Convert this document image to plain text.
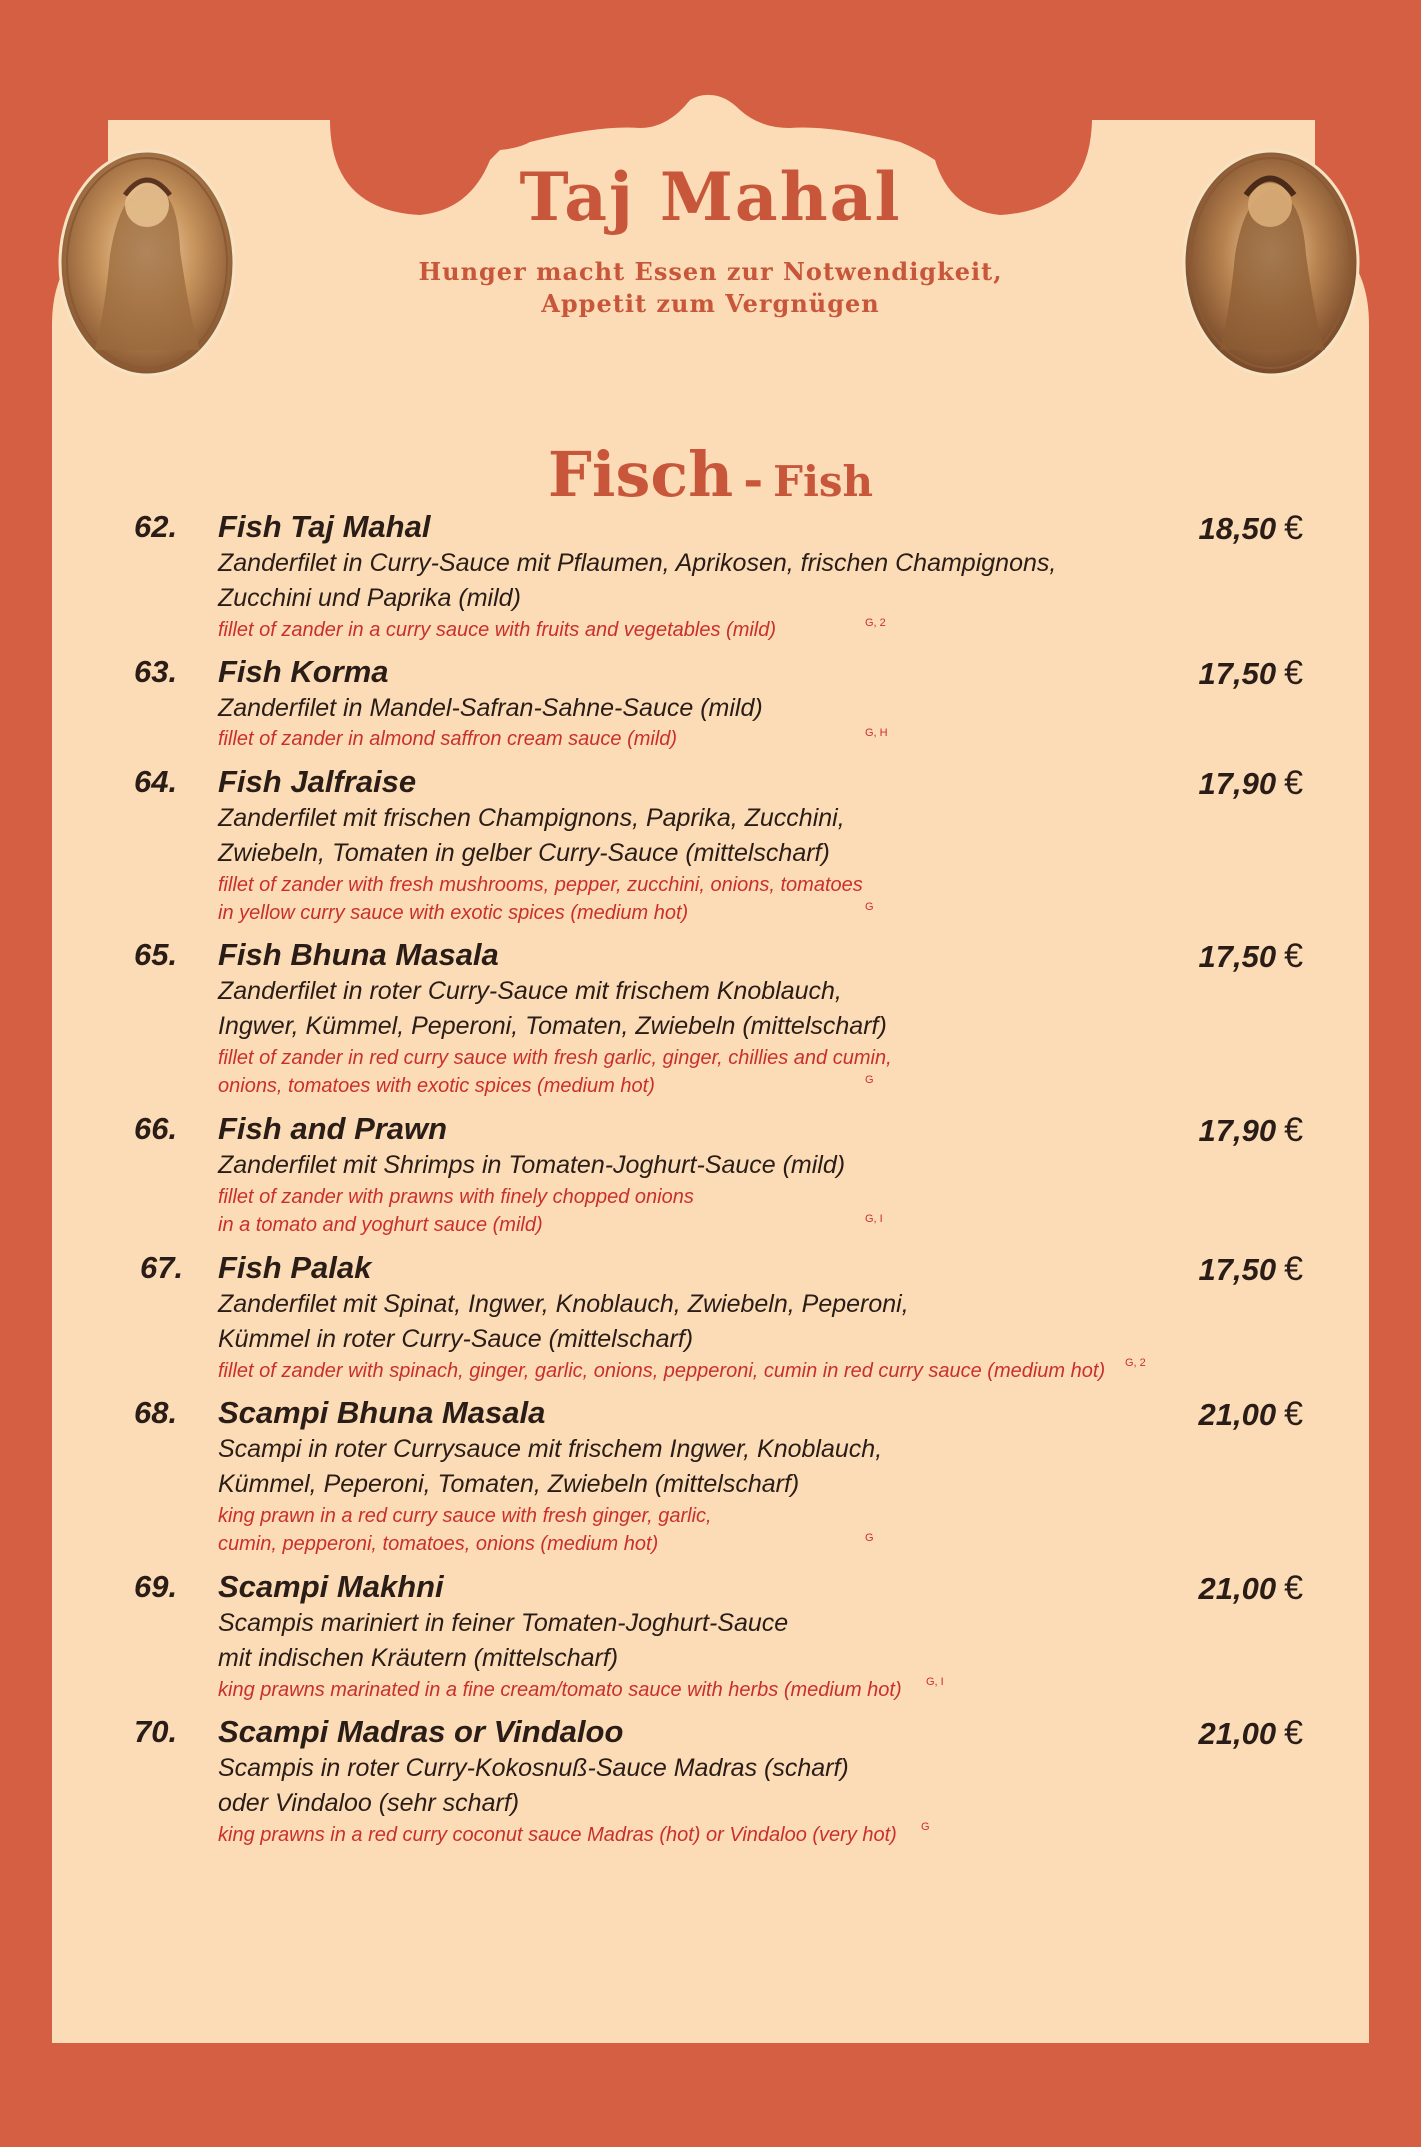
Taj Mahal
Hunger macht Essen zur Notwendigkeit,
Appetit zum Vergnügen
Fisch - Fish
62.	Fish Taj Mahal	18,50 €
Zanderfilet in Curry-Sauce mit Pflaumen, Aprikosen, frischen Champignons,
Zucchini und Paprika (mild)
fillet of zander in a curry sauce with fruits and vegetables (mild)	G, 2
63.	Fish Korma	17,50 €
Zanderfilet in Mandel-Safran-Sahne-Sauce (mild)
fillet of zander in almond saffron cream sauce (mild)	G, H
64.	Fish Jalfraise	17,90 €
Zanderfilet mit frischen Champignons, Paprika, Zucchini,
Zwiebeln, Tomaten in gelber Curry-Sauce (mittelscharf)
fillet of zander with fresh mushrooms, pepper, zucchini, onions, tomatoes
in yellow curry sauce with exotic spices (medium hot)	G
65.	Fish Bhuna Masala	17,50 €
Zanderfilet in roter Curry-Sauce mit frischem Knoblauch,
Ingwer, Kümmel, Peperoni, Tomaten, Zwiebeln (mittelscharf)
fillet of zander in red curry sauce with fresh garlic, ginger, chillies and cumin,
onions, tomatoes with exotic spices (medium hot)	G
66.	Fish and Prawn	17,90 €
Zanderfilet mit Shrimps in Tomaten-Joghurt-Sauce (mild)
fillet of zander with prawns with finely chopped onions
in a tomato and yoghurt sauce (mild)	G, I
67.	Fish Palak	17,50 €
Zanderfilet mit Spinat, Ingwer, Knoblauch, Zwiebeln, Peperoni,
Kümmel in roter Curry-Sauce (mittelscharf)
fillet of zander with spinach, ginger, garlic, onions, pepperoni, cumin in red curry sauce (medium hot) G, 2
68.	Scampi Bhuna Masala	21,00 €
Scampi in roter Currysauce mit frischem Ingwer, Knoblauch,
Kümmel, Peperoni, Tomaten, Zwiebeln (mittelscharf)
king prawn in a red curry sauce with fresh ginger, garlic,
cumin, pepperoni, tomatoes, onions (medium hot)	G
69.	Scampi Makhni	21,00 €
Scampis mariniert in feiner Tomaten-Joghurt-Sauce
mit indischen Kräutern (mittelscharf)
king prawns marinated in a fine cream/tomato sauce with herbs (medium hot) G, I
70.	Scampi Madras or Vindaloo	21,00 €
Scampis in roter Curry-Kokosnuß-Sauce Madras (scharf)
oder Vindaloo (sehr scharf)
king prawns in a red curry coconut sauce Madras (hot) or Vindaloo (very hot) G
